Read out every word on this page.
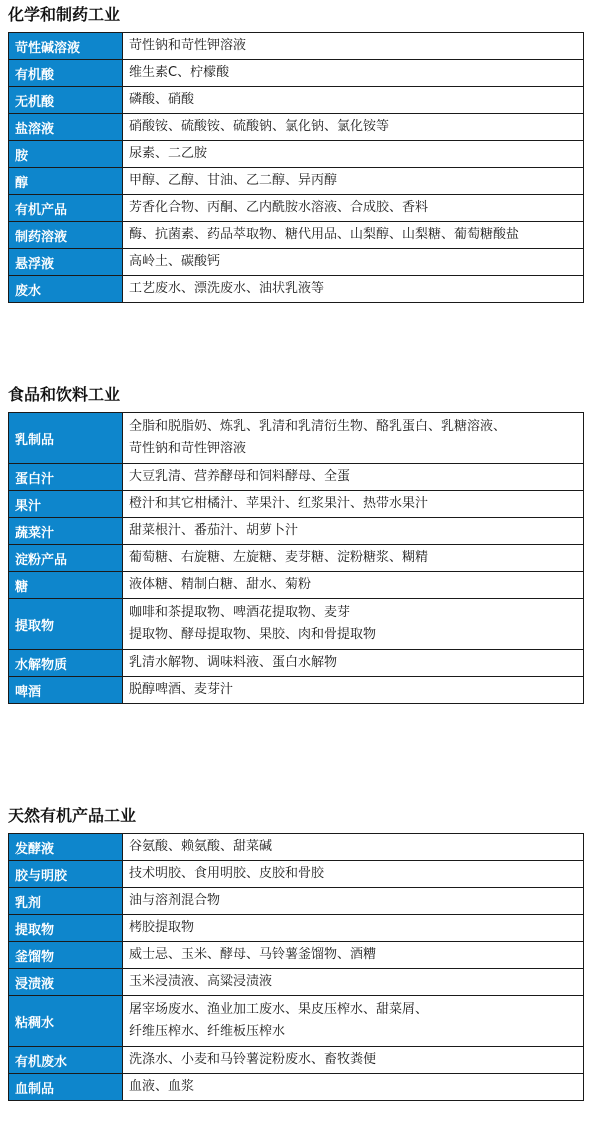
化学和制药工业
苛性碱溶液	苛性钠和苛性钾溶液

有机酸	维生素C、柠檬酸

无机酸	磷酸、硝酸

盐溶液	硝酸铵、硫酸铵、硫酸钠、氯化钠、氯化铵等

胺	尿素、二乙胺

醇	甲醇、乙醇、甘油、乙二醇、异丙醇

有机产品	芳香化合物、丙酮、乙内酰胺水溶液、合成胶、香料

制药溶液	酶、抗菌素、药品萃取物、糖代用品、山梨醇、山梨糖、葡萄糖酸盐

悬浮液	高岭土、碳酸钙

废水	工艺废水、漂洗废水、油状乳液等
食品和饮料工业
乳制品	全脂和脱脂奶、炼乳、乳清和乳清衍生物、酪乳蛋白、乳糖溶液、
苛性钠和苛性钾溶液

蛋白汁	大豆乳清、营养酵母和饲料酵母、全蛋

果汁	橙汁和其它柑橘汁、苹果汁、红浆果汁、热带水果汁

蔬菜汁	甜菜根汁、番茄汁、胡萝卜汁

淀粉产品	葡萄糖、右旋糖、左旋糖、麦芽糖、淀粉糖浆、糊精

糖	液体糖、精制白糖、甜水、菊粉

提取物	咖啡和茶提取物、啤酒花提取物、麦芽
提取物、酵母提取物、果胶、肉和骨提取物

水解物质	乳清水解物、调味料液、蛋白水解物

啤酒	脱醇啤酒、麦芽汁
天然有机产品工业
发酵液	谷氨酸、赖氨酸、甜菜碱

胶与明胶	技术明胶、食用明胶、皮胶和骨胶

乳剂	油与溶剂混合物

提取物	栲胶提取物

釜馏物	威士忌、玉米、酵母、马铃薯釜馏物、酒糟

浸渍液	玉米浸渍液、高粱浸渍液

粘稠水	屠宰场废水、渔业加工废水、果皮压榨水、甜菜屑、
纤维压榨水、纤维板压榨水

有机废水	洗涤水、小麦和马铃薯淀粉废水、畜牧粪便

血制品	血液、血浆
